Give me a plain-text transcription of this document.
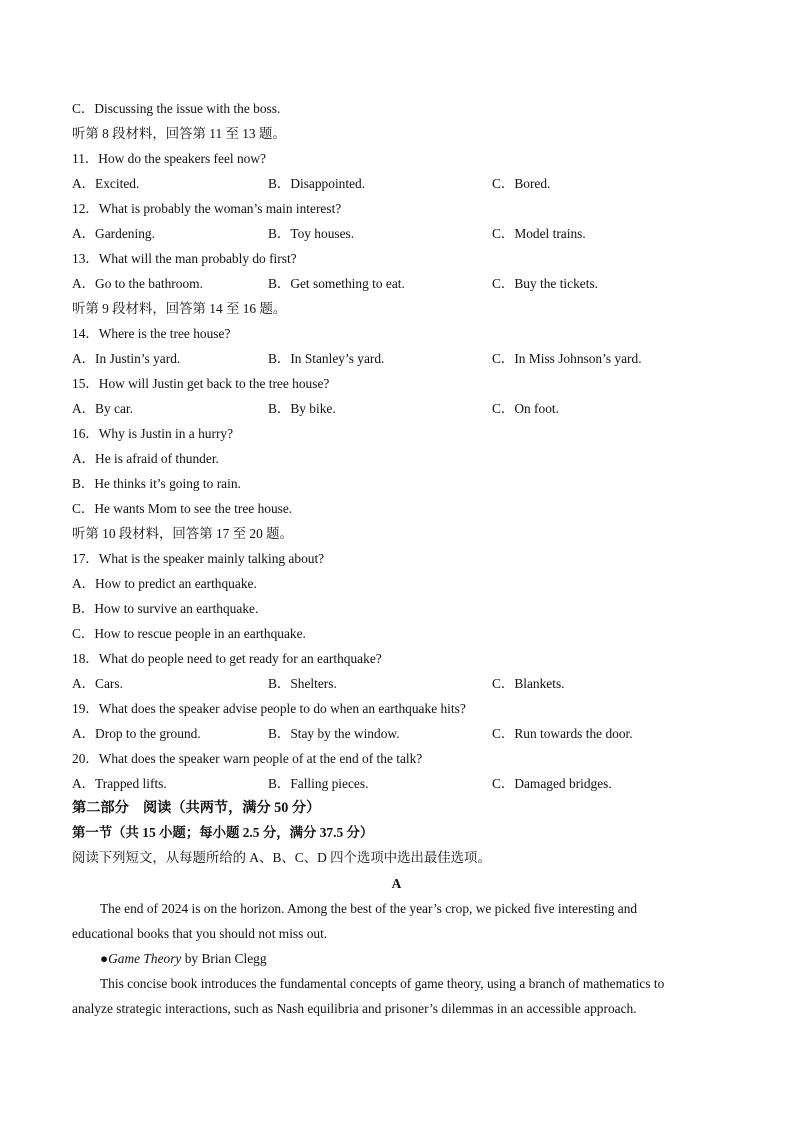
C．Discussing the issue with the boss.
听第 8 段材料，回答第 11 至 13 题。
11．How do the speakers feel now?
A．Excited.	B．Disappointed.	C．Bored.
12．What is probably the woman’s main interest?
A．Gardening.	B．Toy houses.	C．Model trains.
13．What will the man probably do first?
A．Go to the bathroom.	B．Get something to eat.	C．Buy the tickets.
听第 9 段材料，回答第 14 至 16 题。
14．Where is the tree house?
A．In Justin’s yard.	B．In Stanley’s yard.	C．In Miss Johnson’s yard.
15．How will Justin get back to the tree house?
A．By car.	B．By bike.	C．On foot.
16．Why is Justin in a hurry?
A．He is afraid of thunder.
B．He thinks it’s going to rain.
C．He wants Mom to see the tree house.
听第 10 段材料，回答第 17 至 20 题。
17．What is the speaker mainly talking about?
A．How to predict an earthquake.
B．How to survive an earthquake.
C．How to rescue people in an earthquake.
18．What do people need to get ready for an earthquake?
A．Cars.	B．Shelters.	C．Blankets.
19．What does the speaker advise people to do when an earthquake hits?
A．Drop to the ground.	B．Stay by the window.	C．Run towards the door.
20．What does the speaker warn people of at the end of the talk?
A．Trapped lifts.	B．Falling pieces.	C．Damaged bridges.
第二部分　阅读（共两节，满分 50 分）
第一节（共 15 小题；每小题 2.5 分，满分 37.5 分）
阅读下列短文，从每题所给的 A、B、C、D 四个选项中选出最佳选项。
A
The end of 2024 is on the horizon. Among the best of the year’s crop, we picked five interesting and
educational books that you should not miss out.
●Game Theory by Brian Clegg
This concise book introduces the fundamental concepts of game theory, using a branch of mathematics to
analyze strategic interactions, such as Nash equilibria and prisoner’s dilemmas in an accessible approach.
